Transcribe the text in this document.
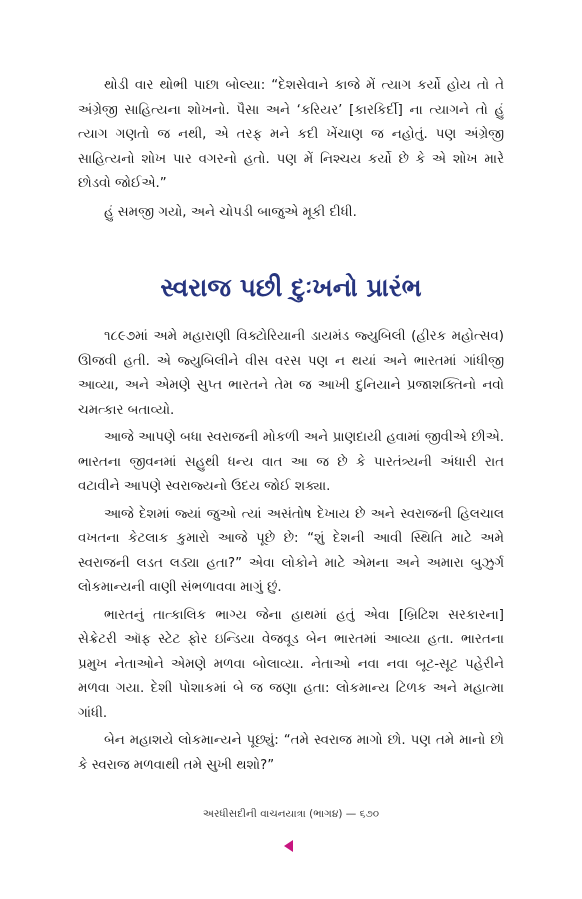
થોડી વાર થોભી પાછા બોલ્યા: “દેશસેવાને કાજે મેં ત્યાગ કર્યો હોય તો તે અંગ્રેજી સાહિત્યના શોખનો. પૈસા અને ‘કરિયર’ [કારકિર્દી] ના ત્યાગને તો હું ત્યાગ ગણતો જ નથી, એ તરફ મને કદી ખેંચાણ જ નહોતું. પણ અંગ્રેજી સાહિત્યનો શોખ પાર વગરનો હતો. પણ મેં નિશ્ચય કર્યો છે કે એ શોખ મારે છોડવો જોઈએ.”

હું સમજી ગયો, અને ચોપડી બાજુએ મૂકી દીધી.

સ્વરાજ પછી દુઃખનો પ્રારંભ

૧૮૯૭માં અમે મહારાણી વિક્ટોરિયાની ડાયમંડ જ્યુબિલી (હીરક મહોત્સવ) ઊજવી હતી. એ જ્યુબિલીને વીસ વરસ પણ ન થયાં અને ભારતમાં ગાંધીજી આવ્યા, અને એમણે સુપ્ત ભારતને તેમ જ આખી દુનિયાને પ્રજાશક્તિનો નવો ચમત્કાર બતાવ્યો.

આજે આપણે બધા સ્વરાજની મોકળી અને પ્રાણદાયી હવામાં જીવીએ છીએ. ભારતના જીવનમાં સહુથી ધન્ય વાત આ જ છે કે પારતંત્ર્યની અંધારી રાત વટાવીને આપણે સ્વરાજ્યનો ઉદય જોઈ શક્યા.

આજે દેશમાં જ્યાં જુઓ ત્યાં અસંતોષ દેખાય છે અને સ્વરાજની હિલચાલ વખતના કેટલાક કુમારો આજે પૂછે છે: “શું દેશની આવી સ્થિતિ માટે અમે સ્વરાજની લડત લડ્યા હતા?” એવા લોકોને માટે એમના અને અમારા બુઝુર્ગ લોકમાન્યની વાણી સંભળાવવા માગું છું.

ભારતનું તાત્કાલિક ભાગ્ય જેના હાથમાં હતું એવા [બ્રિટિશ સરકારના] સેક્રેટરી ઑફ સ્ટેટ ફોર ઇન્ડિયા વેજવૂડ બેન ભારતમાં આવ્યા હતા. ભારતના પ્રમુખ નેતાઓને એમણે મળવા બોલાવ્યા. નેતાઓ નવા નવા બૂટ-સૂટ પહેરીને મળવા ગયા. દેશી પોશાકમાં બે જ જણા હતા: લોકમાન્ય ટિળક અને મહાત્મા ગાંધી.

બેન મહાશયે લોકમાન્યને પૂછ્યું: “તમે સ્વરાજ માગો છો. પણ તમે માનો છો કે સ્વરાજ મળવાથી તમે સુખી થશો?”

અરધીસદીની વાચનયાત્રા (ભાગ૪) — ૬૭૦
